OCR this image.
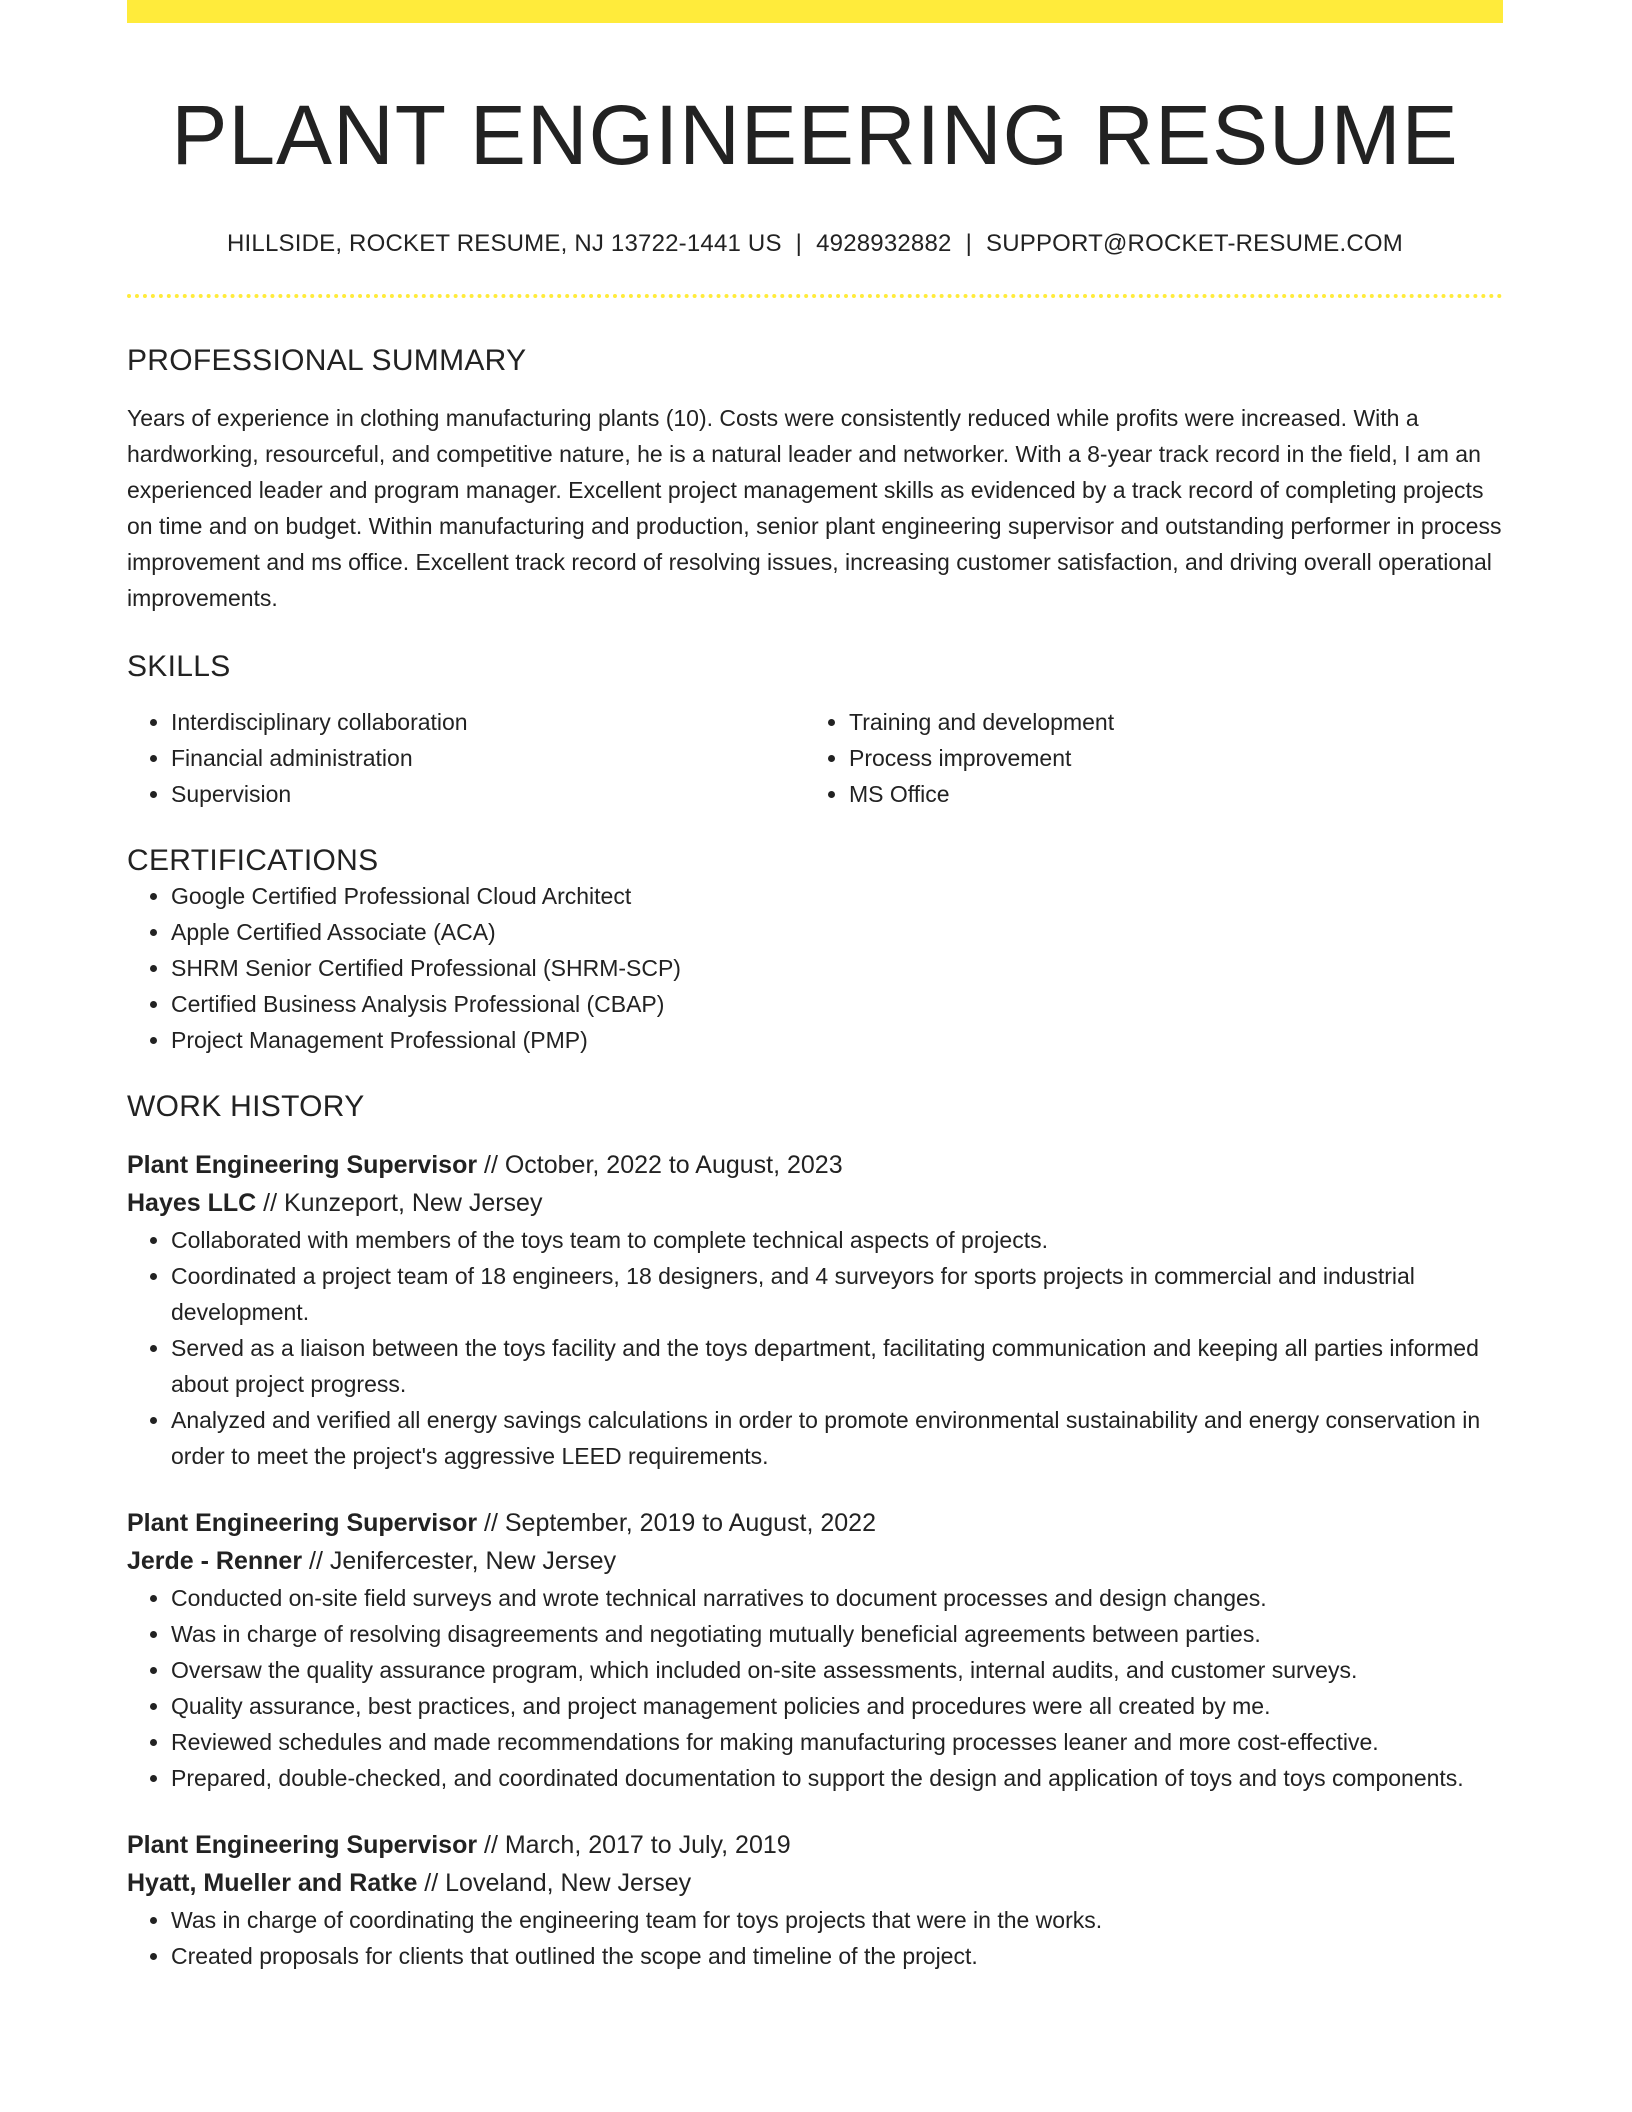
PLANT ENGINEERING RESUME
HILLSIDE, ROCKET RESUME, NJ 13722-1441 US | 4928932882 | SUPPORT@ROCKET-RESUME.COM
PROFESSIONAL SUMMARY
Years of experience in clothing manufacturing plants (10). Costs were consistently reduced while profits were increased. With a hardworking, resourceful, and competitive nature, he is a natural leader and networker. With a 8-year track record in the field, I am an experienced leader and program manager. Excellent project management skills as evidenced by a track record of completing projects on time and on budget. Within manufacturing and production, senior plant engineering supervisor and outstanding performer in process improvement and ms office. Excellent track record of resolving issues, increasing customer satisfaction, and driving overall operational improvements.
SKILLS
• Interdisciplinary collaboration
• Financial administration
• Supervision
• Training and development
• Process improvement
• MS Office
CERTIFICATIONS
• Google Certified Professional Cloud Architect
• Apple Certified Associate (ACA)
• SHRM Senior Certified Professional (SHRM-SCP)
• Certified Business Analysis Professional (CBAP)
• Project Management Professional (PMP)
WORK HISTORY
Plant Engineering Supervisor // October, 2022 to August, 2023
Hayes LLC // Kunzeport, New Jersey
• Collaborated with members of the toys team to complete technical aspects of projects.
• Coordinated a project team of 18 engineers, 18 designers, and 4 surveyors for sports projects in commercial and industrial development.
• Served as a liaison between the toys facility and the toys department, facilitating communication and keeping all parties informed about project progress.
• Analyzed and verified all energy savings calculations in order to promote environmental sustainability and energy conservation in order to meet the project's aggressive LEED requirements.
Plant Engineering Supervisor // September, 2019 to August, 2022
Jerde - Renner // Jenifercester, New Jersey
• Conducted on-site field surveys and wrote technical narratives to document processes and design changes.
• Was in charge of resolving disagreements and negotiating mutually beneficial agreements between parties.
• Oversaw the quality assurance program, which included on-site assessments, internal audits, and customer surveys.
• Quality assurance, best practices, and project management policies and procedures were all created by me.
• Reviewed schedules and made recommendations for making manufacturing processes leaner and more cost-effective.
• Prepared, double-checked, and coordinated documentation to support the design and application of toys and toys components.
Plant Engineering Supervisor // March, 2017 to July, 2019
Hyatt, Mueller and Ratke // Loveland, New Jersey
• Was in charge of coordinating the engineering team for toys projects that were in the works.
• Created proposals for clients that outlined the scope and timeline of the project.
